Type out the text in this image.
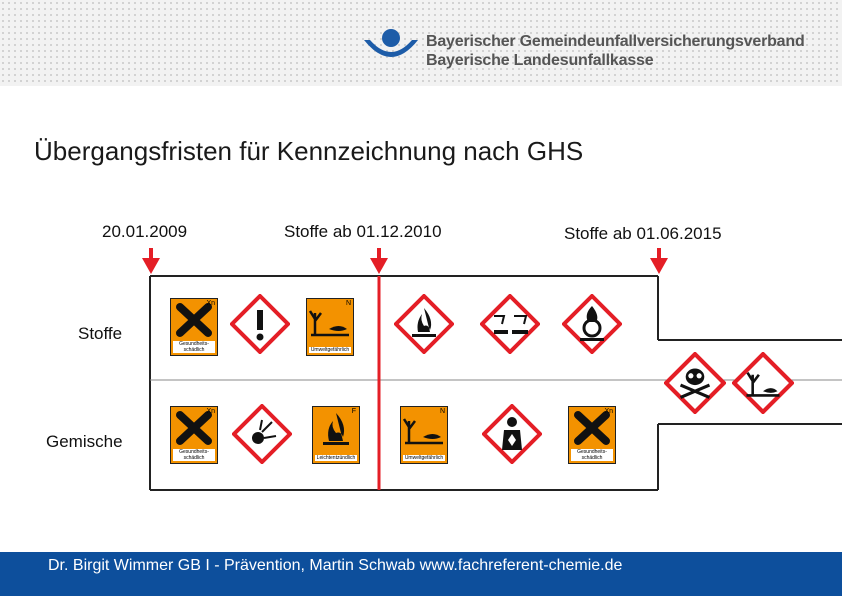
Bayerischer Gemeindeunfallversicherungsverband
Bayerische Landesunfallkasse
Übergangsfristen für Kennzeichnung nach GHS
20.01.2009	Stoffe ab 01.12.2010	Stoffe ab 01.06.2015
Stoffe
Gemische
Xn
Gesundheits-schädlich
N
Umweltgefährlich
Xn
Gesundheits-schädlich
F
Leichtentzündlich
N
Umweltgefährlich
Xn
Gesundheits-schädlich
Dr. Birgit Wimmer GB I - Prävention, Martin Schwab www.fachreferent-chemie.de
